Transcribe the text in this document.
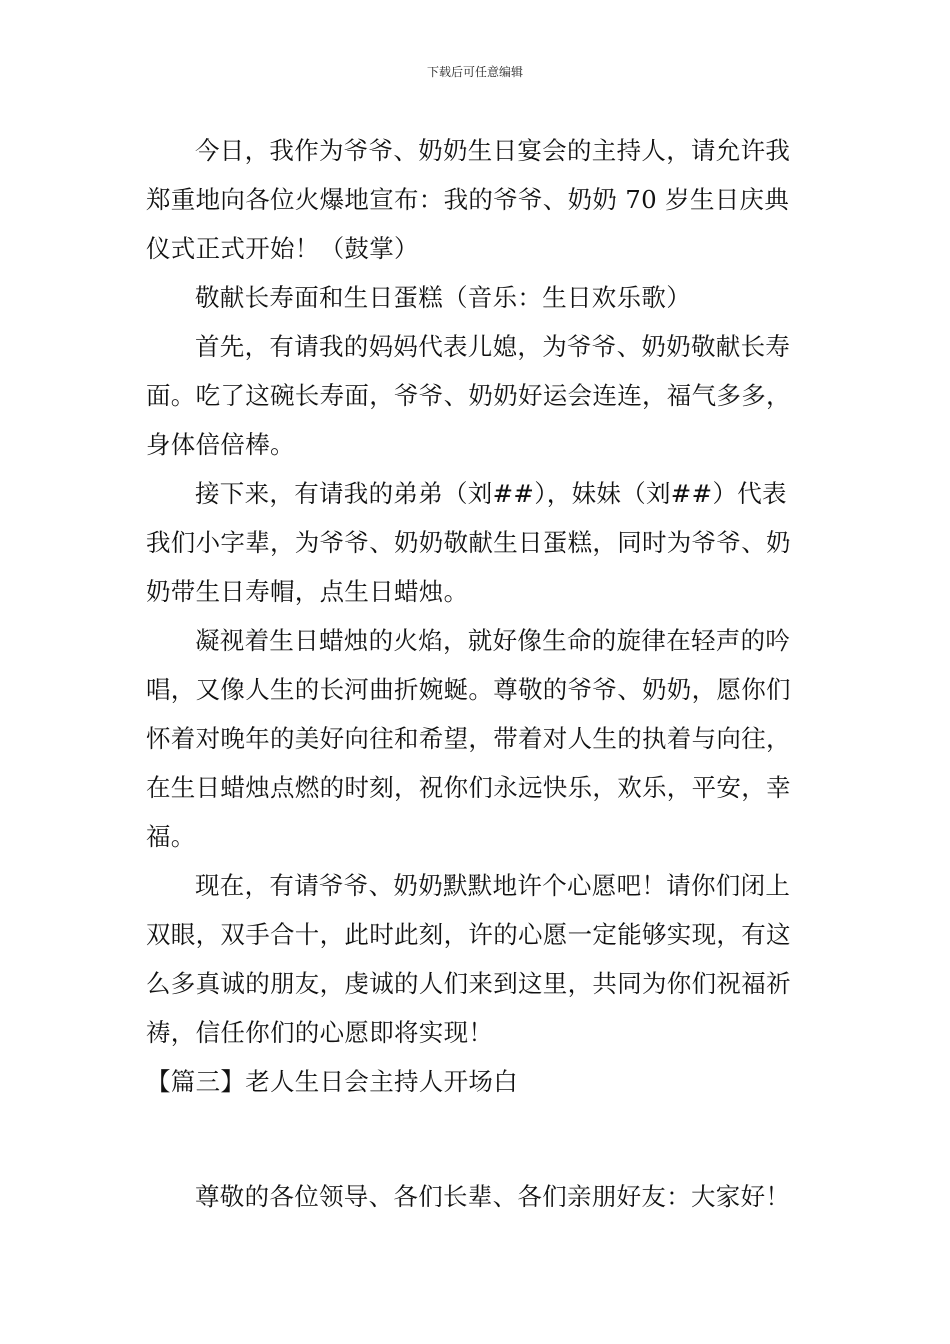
下载后可任意编辑

今日，我作为爷爷、奶奶生日宴会的主持人，请允许我郑重地向各位火爆地宣布：我的爷爷、奶奶 70 岁生日庆典仪式正式开始！（鼓掌）

敬献长寿面和生日蛋糕（音乐：生日欢乐歌）

首先，有请我的妈妈代表儿媳，为爷爷、奶奶敬献长寿面。吃了这碗长寿面，爷爷、奶奶好运会连连，福气多多，身体倍倍棒。

接下来，有请我的弟弟（刘##），妹妹（刘##）代表我们小字辈，为爷爷、奶奶敬献生日蛋糕，同时为爷爷、奶奶带生日寿帽，点生日蜡烛。

凝视着生日蜡烛的火焰，就好像生命的旋律在轻声的吟唱，又像人生的长河曲折婉蜒。尊敬的爷爷、奶奶，愿你们怀着对晚年的美好向往和希望，带着对人生的执着与向往，在生日蜡烛点燃的时刻，祝你们永远快乐，欢乐，平安，幸福。

现在，有请爷爷、奶奶默默地许个心愿吧！请你们闭上双眼，双手合十，此时此刻，许的心愿一定能够实现，有这么多真诚的朋友，虔诚的人们来到这里，共同为你们祝福祈祷，信任你们的心愿即将实现！

【篇三】老人生日会主持人开场白

尊敬的各位领导、各们长辈、各们亲朋好友：大家好！
